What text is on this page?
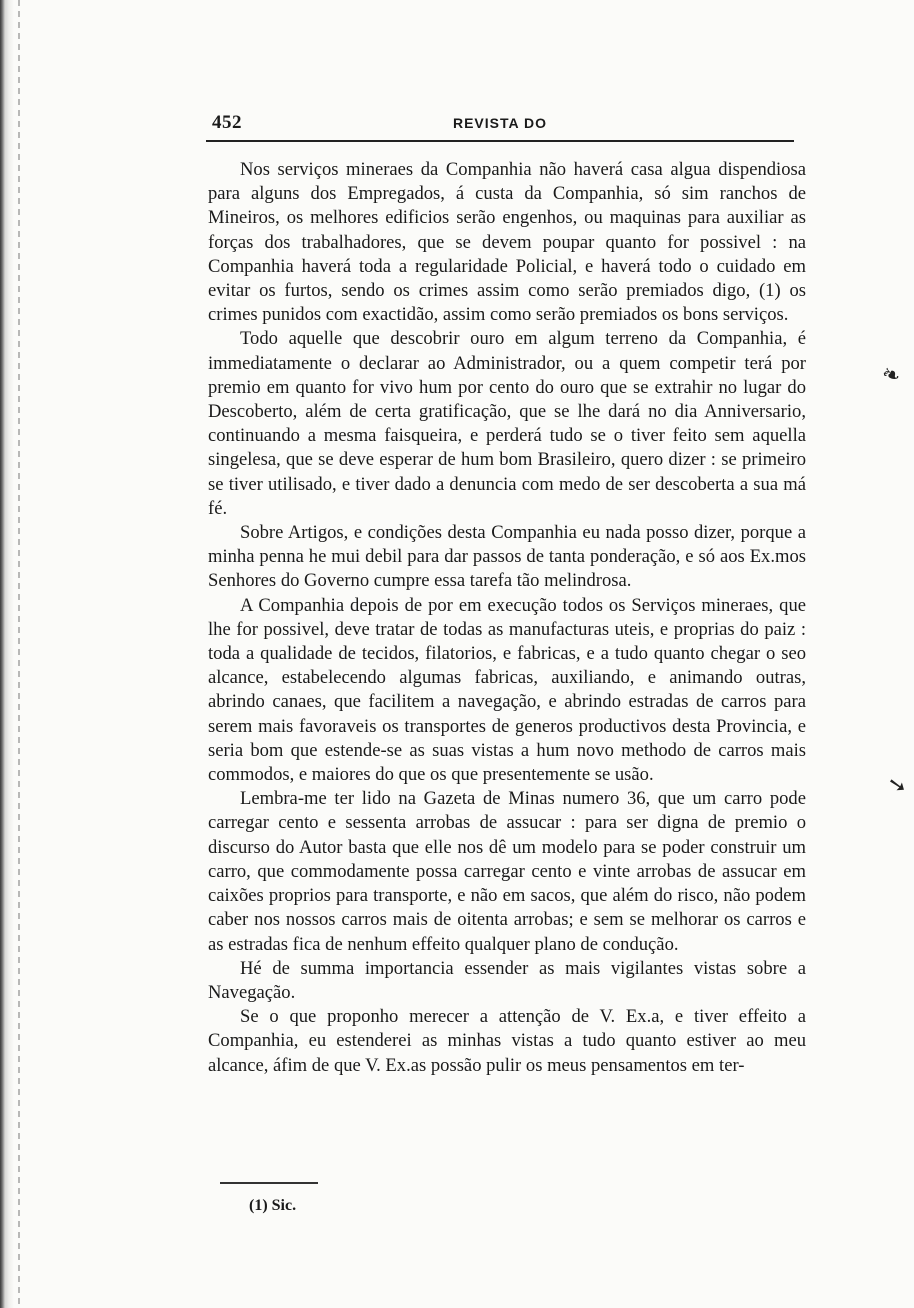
452	REVISTA DO

Nos serviços mineraes da Companhia não haverá casa algua dispendiosa para alguns dos Empregados, á custa da Companhia, só sim ranchos de Mineiros, os melhores edificios serão engenhos, ou maquinas para auxiliar as forças dos trabalhadores, que se devem poupar quanto for possivel : na Companhia haverá toda a regularidade Policial, e haverá todo o cuidado em evitar os furtos, sendo os crimes assim como serão premiados digo, (1) os crimes punidos com exactidão, assim como serão premiados os bons serviços.

Todo aquelle que descobrir ouro em algum terreno da Companhia, é immediatamente o declarar ao Administrador, ou a quem competir terá por premio em quanto for vivo hum por cento do ouro que se extrahir no lugar do Descoberto, além de certa gratificação, que se lhe dará no dia Anniversario, continuando a mesma faisqueira, e perderá tudo se o tiver feito sem aquella singelesa, que se deve esperar de hum bom Brasileiro, quero dizer : se primeiro se tiver utilisado, e tiver dado a denuncia com medo de ser descoberta a sua má fé.

Sobre Artigos, e condições desta Companhia eu nada posso dizer, porque a minha penna he mui debil para dar passos de tanta ponderação, e só aos Ex.mos Senhores do Governo cumpre essa tarefa tão melindrosa.

A Companhia depois de por em execução todos os Serviços mineraes, que lhe for possivel, deve tratar de todas as manufacturas uteis, e proprias do paiz : toda a qualidade de tecidos, filatorios, e fabricas, e a tudo quanto chegar o seo alcance, estabelecendo algumas fabricas, auxiliando, e animando outras, abrindo canaes, que facilitem a navegação, e abrindo estradas de carros para serem mais favoraveis os transportes de generos productivos desta Provincia, e seria bom que estende-se as suas vistas a hum novo methodo de carros mais commodos, e maiores do que os que presentemente se usão.

Lembra-me ter lido na Gazeta de Minas numero 36, que um carro pode carregar cento e sessenta arrobas de assucar : para ser digna de premio o discurso do Autor basta que elle nos dê um modelo para se poder construir um carro, que commodamente possa carregar cento e vinte arrobas de assucar em caixões proprios para transporte, e não em sacos, que além do risco, não podem caber nos nossos carros mais de oitenta arrobas; e sem se melhorar os carros e as estradas fica de nenhum effeito qualquer plano de condução.

Hé de summa importancia essender as mais vigilantes vistas sobre a Navegação.

Se o que proponho merecer a attenção de V. Ex.a, e tiver effeito a Companhia, eu estenderei as minhas vistas a tudo quanto estiver ao meu alcance, áfim de que V. Ex.as possão pulir os meus pensamentos em ter-

(1) Sic.
❧
➘
